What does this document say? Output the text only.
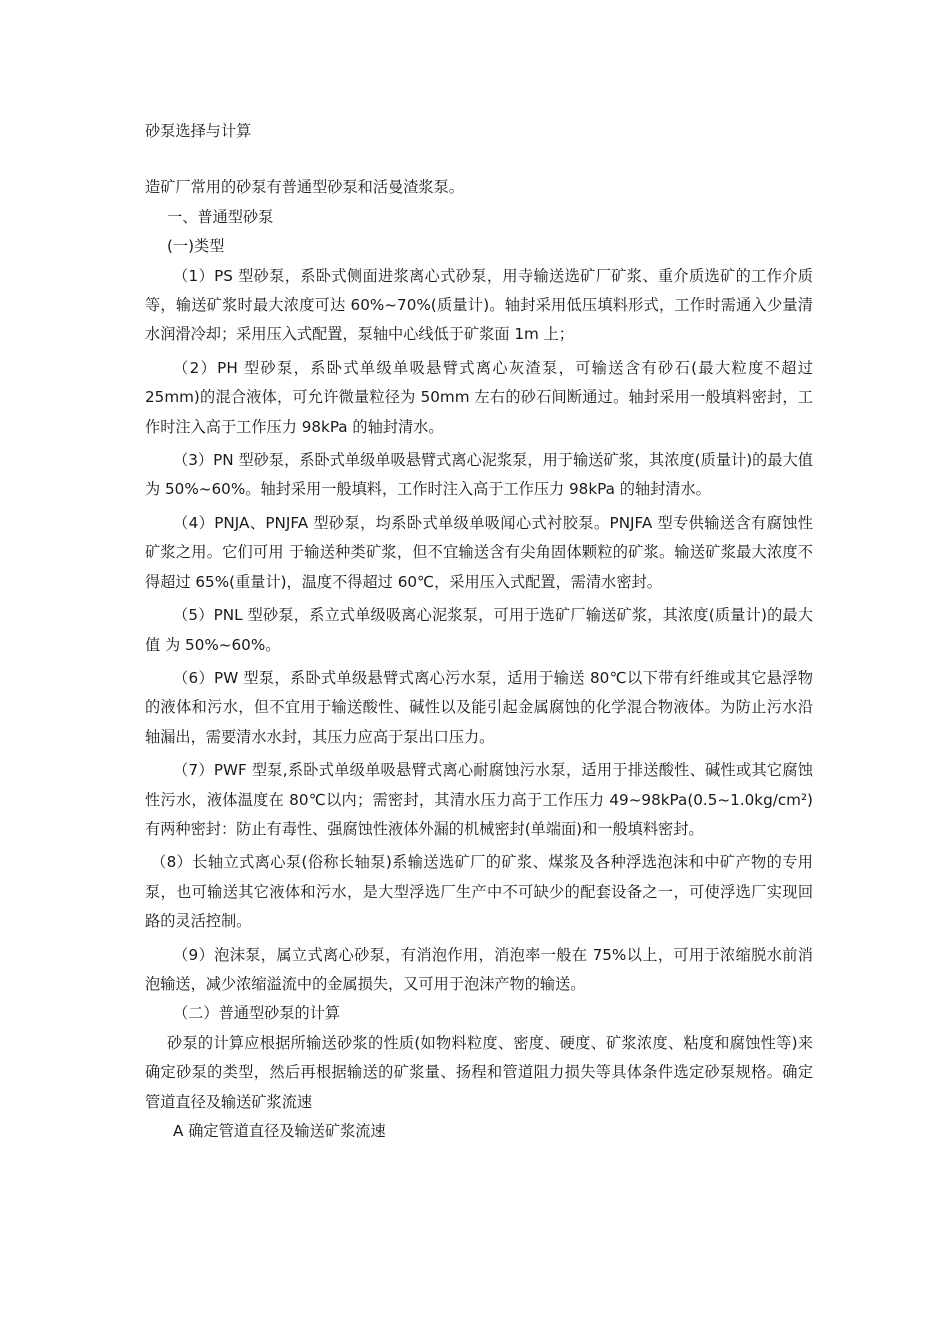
砂泵选择与计算

造矿厂常用的砂泵有普通型砂泵和活曼渣浆泵。

一、普通型砂泵

(一)类型

（1）PS 型砂泵，系卧式侧面进浆离心式砂泵，用寺输送选矿厂矿浆、重介质选矿的工作介质等，输送矿浆时最大浓度可达 60%~70%(质量计)。轴封采用低压填料形式，工作时需通入少量清水润滑冷却；采用压入式配置，泵轴中心线低于矿浆面 1m 上；

（2）PH 型砂泵，系卧式单级单吸悬臂式离心灰渣泵，可输送含有砂石(最大粒度不超过 25mm)的混合液体，可允许微量粒径为 50mm 左右的砂石间断通过。轴封采用一般填料密封，工作时注入高于工作压力 98kPa 的轴封清水。

（3）PN 型砂泵，系卧式单级单吸悬臂式离心泥浆泵，用于输送矿浆，其浓度(质量计)的最大值为 50%~60%。轴封采用一般填料，工作时注入高于工作压力 98kPa 的轴封清水。

（4）PNJA、PNJFA 型砂泵，均系卧式单级单吸闻心式衬胶泵。PNJFA 型专供输送含有腐蚀性矿浆之用。它们可用 于输送种类矿浆，但不宜输送含有尖角固体颗粒的矿浆。输送矿浆最大浓度不得超过 65%(重量计)，温度不得超过 60℃，采用压入式配置，需清水密封。

（5）PNL 型砂泵，系立式单级吸离心泥浆泵，可用于选矿厂输送矿浆，其浓度(质量计)的最大值 为 50%~60%。

（6）PW 型泵，系卧式单级悬臂式离心污水泵，适用于输送 80℃以下带有纤维或其它悬浮物的液体和污水，但不宜用于输送酸性、碱性以及能引起金属腐蚀的化学混合物液体。为防止污水沿轴漏出，需要清水水封，其压力应高于泵出口压力。

（7）PWF 型泵,系卧式单级单吸悬臂式离心耐腐蚀污水泵，适用于排送酸性、碱性或其它腐蚀性污水，液体温度在 80℃以内；需密封，其清水压力高于工作压力 49~98kPa(0.5~1.0kg/cm²)有两种密封：防止有毒性、强腐蚀性液体外漏的机械密封(单端面)和一般填料密封。

（8）长轴立式离心泵(俗称长轴泵)系输送选矿厂的矿浆、煤浆及各种浮选泡沫和中矿产物的专用泵，也可输送其它液体和污水，是大型浮选厂生产中不可缺少的配套设备之一，可使浮选厂实现回路的灵活控制。

（9）泡沫泵，属立式离心砂泵，有消泡作用，消泡率一般在 75%以上，可用于浓缩脱水前消泡输送，减少浓缩溢流中的金属损失，又可用于泡沫产物的输送。

（二）普通型砂泵的计算

砂泵的计算应根据所输送砂浆的性质(如物料粒度、密度、硬度、矿浆浓度、粘度和腐蚀性等)来确定砂泵的类型，然后再根据输送的矿浆量、扬程和管道阻力损失等具体条件选定砂泵规格。确定管道直径及输送矿浆流速

A 确定管道直径及输送矿浆流速
